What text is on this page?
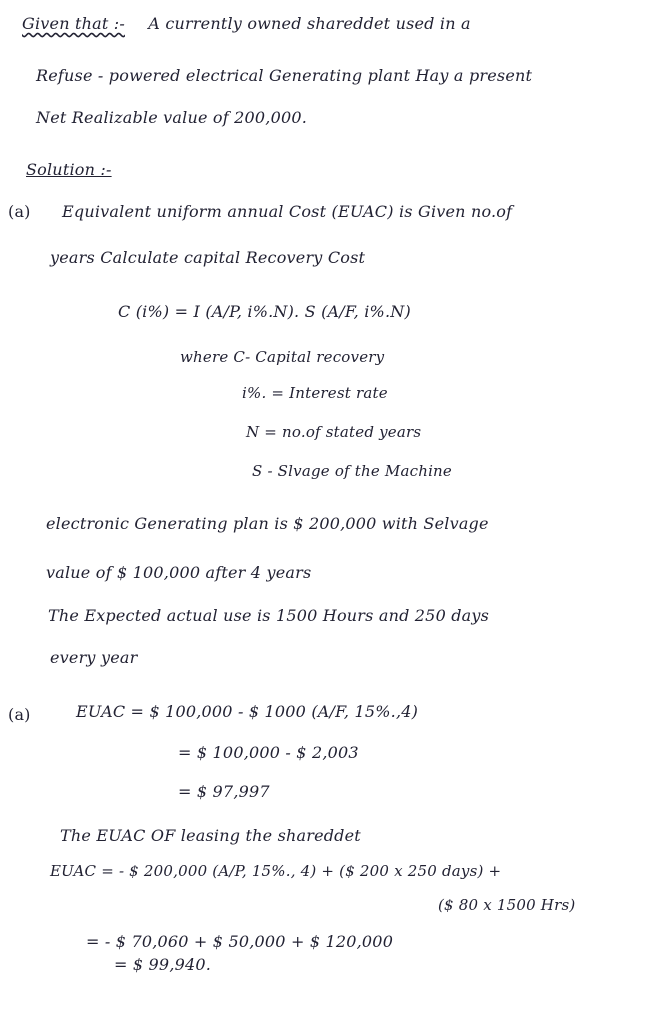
Given that :- A currently owned shareddet used in a
Refuse - powered electrical Generating plant Hay a present
Net Realizable value of 200,000.
Solution :-
(a) Equivalent uniform annual Cost (EUAC) is Given no.of
years Calculate capital Recovery Cost
C (i%) = I (A/P, i%.N). S (A/F, i%.N)
where C- Capital recovery
i%. = Interest rate
N = no.of stated years
S - Slvage of the Machine
electronic Generating plan is $ 200,000 with Selvage
value of $ 100,000 after 4 years
The Expected actual use is 1500 Hours and 250 days
every year
(a)	EUAC = $ 100,000 - $ 1000 (A/F, 15%.,4)
= $ 100,000 - $ 2,003
= $ 97,997
The EUAC OF leasing the shareddet
EUAC = - $ 200,000 (A/P, 15%., 4) + ($ 200 x 250 days) +
($ 80 x 1500 Hrs)
= - $ 70,060 + $ 50,000 + $ 120,000
= $ 99,940.
